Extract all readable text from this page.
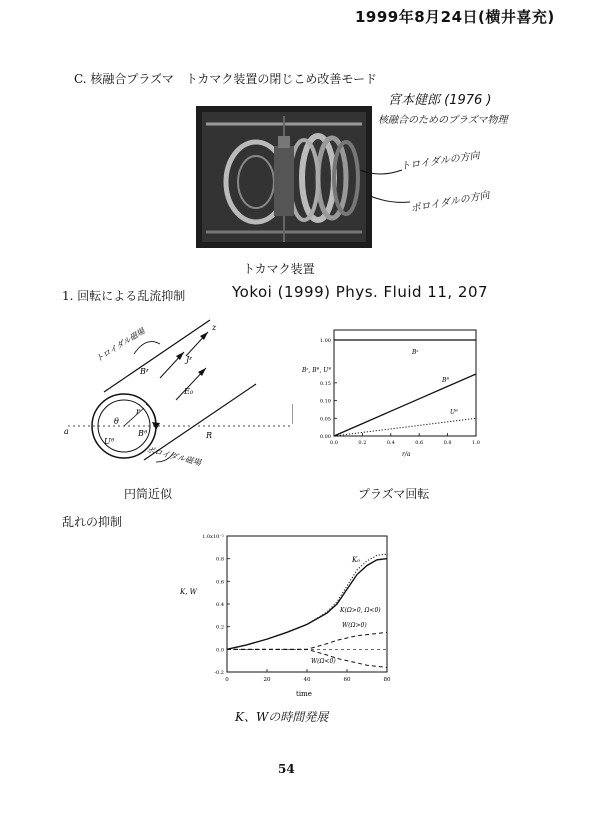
1999年8月24日(横井喜充)
C. 核融合プラズマ　トカマク装置の閉じこめ改善モード
トカマク装置
宮本健郎 (1976 )
核融合のためのプラズマ物理
トロイダルの方向
ポロイダルの方向
1. 回転による乱流抑制	Yokoi (1999) Phys. Fluid 11, 207
トロイダル磁場
Bᶻ
Jᶻ
z
E₀
r
θ
a
Uᶿ
Bᶿ	R
ポロイダル磁場
円筒近似
0.00
0.05
0.10
0.15
1.00
0.0	0.2	0.4	0.6	0.8	1.0
Bᶻ, Bᶿ, Uᶿ
r/a
Bᶻ
Bᶿ
Uᶿ
プラズマ回転
乱れの抑制
-0.2
0.0
0.2
0.4
0.6
0.8
1.0x10⁻²
0	20	40	60	80
K, W
time
K₀
K(Ω>0, Ω<0)
W(Ω>0)
W(Ω<0)
K、Wの時間発展
54
